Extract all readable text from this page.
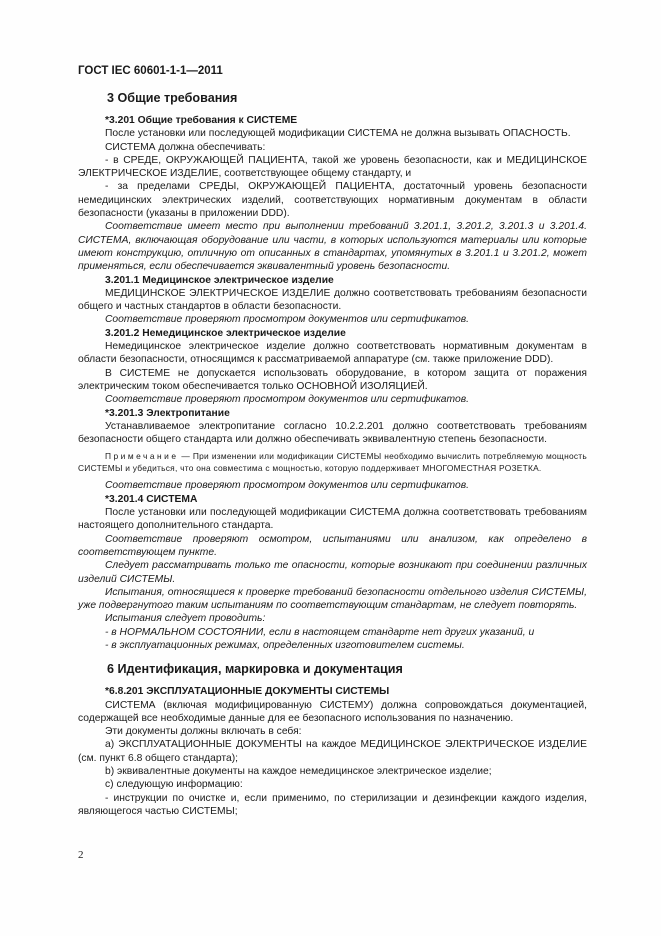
ГОСТ IEC 60601-1-1—2011

3 Общие требования

*3.201 Общие требования к СИСТЕМЕ

После установки или последующей модификации СИСТЕМА не должна вызывать ОПАСНОСТЬ.

СИСТЕМА должна обеспечивать:

- в СРЕДЕ, ОКРУЖАЮЩЕЙ ПАЦИЕНТА, такой же уровень безопасности, как и МЕДИЦИНСКОЕ ЭЛЕКТРИЧЕСКОЕ ИЗДЕЛИЕ, соответствующее общему стандарту, и

- за пределами СРЕДЫ, ОКРУЖАЮЩЕЙ ПАЦИЕНТА, достаточный уровень безопасности немедицинских электрических изделий, соответствующих нормативным документам в области безопасности (указаны в приложении DDD).

Соответствие имеет место при выполнении требований 3.201.1, 3.201.2, 3.201.3 и 3.201.4. СИСТЕМА, включающая оборудование или части, в которых используются материалы или которые имеют конструкцию, отличную от описанных в стандартах, упомянутых в 3.201.1 и 3.201.2, может применяться, если обеспечивается эквивалентный уровень безопасности.

3.201.1 Медицинское электрическое изделие

МЕДИЦИНСКОЕ ЭЛЕКТРИЧЕСКОЕ ИЗДЕЛИЕ должно соответствовать требованиям безопасности общего и частных стандартов в области безопасности.

Соответствие проверяют просмотром документов или сертификатов.

3.201.2 Немедицинское электрическое изделие

Немедицинское электрическое изделие должно соответствовать нормативным документам в области безопасности, относящимся к рассматриваемой аппаратуре (см. также приложение DDD).

В СИСТЕМЕ не допускается использовать оборудование, в котором защита от поражения электрическим током обеспечивается только ОСНОВНОЙ ИЗОЛЯЦИЕЙ.

Соответствие проверяют просмотром документов или сертификатов.

*3.201.3 Электропитание

Устанавливаемое электропитание согласно 10.2.2.201 должно соответствовать требованиям безопасности общего стандарта или должно обеспечивать эквивалентную степень безопасности.

Примечание — При изменении или модификации СИСТЕМЫ необходимо вычислить потребляемую мощность СИСТЕМЫ и убедиться, что она совместима с мощностью, которую поддерживает МНОГОМЕСТНАЯ РОЗЕТКА.

Соответствие проверяют просмотром документов или сертификатов.

*3.201.4 СИСТЕМА

После установки или последующей модификации СИСТЕМА должна соответствовать требованиям настоящего дополнительного стандарта.

Соответствие проверяют осмотром, испытаниями или анализом, как определено в соответствующем пункте.

Следует рассматривать только те опасности, которые возникают при соединении различных изделий СИСТЕМЫ.

Испытания, относящиеся к проверке требований безопасности отдельного изделия СИСТЕМЫ, уже подвергнутого таким испытаниям по соответствующим стандартам, не следует повторять.

Испытания следует проводить:

- в НОРМАЛЬНОМ СОСТОЯНИИ, если в настоящем стандарте нет других указаний, и

- в эксплуатационных режимах, определенных изготовителем системы.

6 Идентификация, маркировка и документация

*6.8.201 ЭКСПЛУАТАЦИОННЫЕ ДОКУМЕНТЫ СИСТЕМЫ

СИСТЕМА (включая модифицированную СИСТЕМУ) должна сопровождаться документацией, содержащей все необходимые данные для ее безопасного использования по назначению.

Эти документы должны включать в себя:

a) ЭКСПЛУАТАЦИОННЫЕ ДОКУМЕНТЫ на каждое МЕДИЦИНСКОЕ ЭЛЕКТРИЧЕСКОЕ ИЗДЕЛИЕ (см. пункт 6.8 общего стандарта);

b) эквивалентные документы на каждое немедицинское электрическое изделие;

c) следующую информацию:

- инструкции по очистке и, если применимо, по стерилизации и дезинфекции каждого изделия, являющегося частью СИСТЕМЫ;

2
